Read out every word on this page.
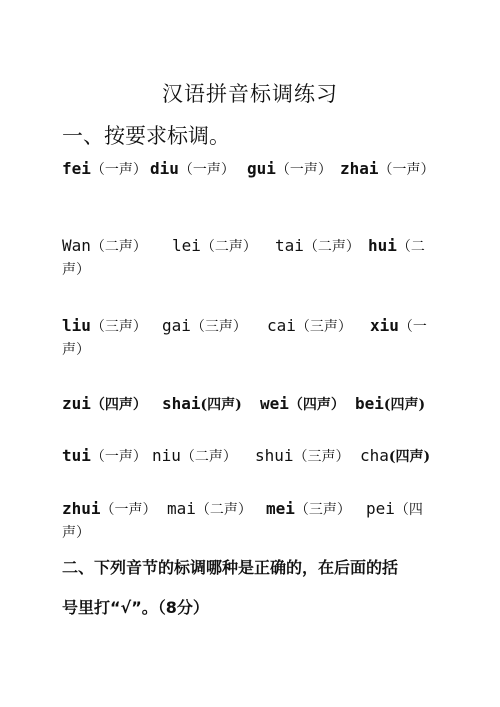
汉语拼音标调练习
一、按要求标调。
fei（一声） diu（一声） gui（一声） zhai（一声）
Wan（二声） lei（二声） tai（二声） hui（二
声）
liu（三声） gai（三声） cai（三声） xiu（一
声）
zui（四声） shai(四声) wei（四声） bei(四声)
tui（一声） niu（二声） shui（三声） cha(四声)
zhui（一声） mai（二声） mei（三声） pei（四
声）
二、下列音节的标调哪种是正确的，在后面的括
号里打“√”。（8分）
